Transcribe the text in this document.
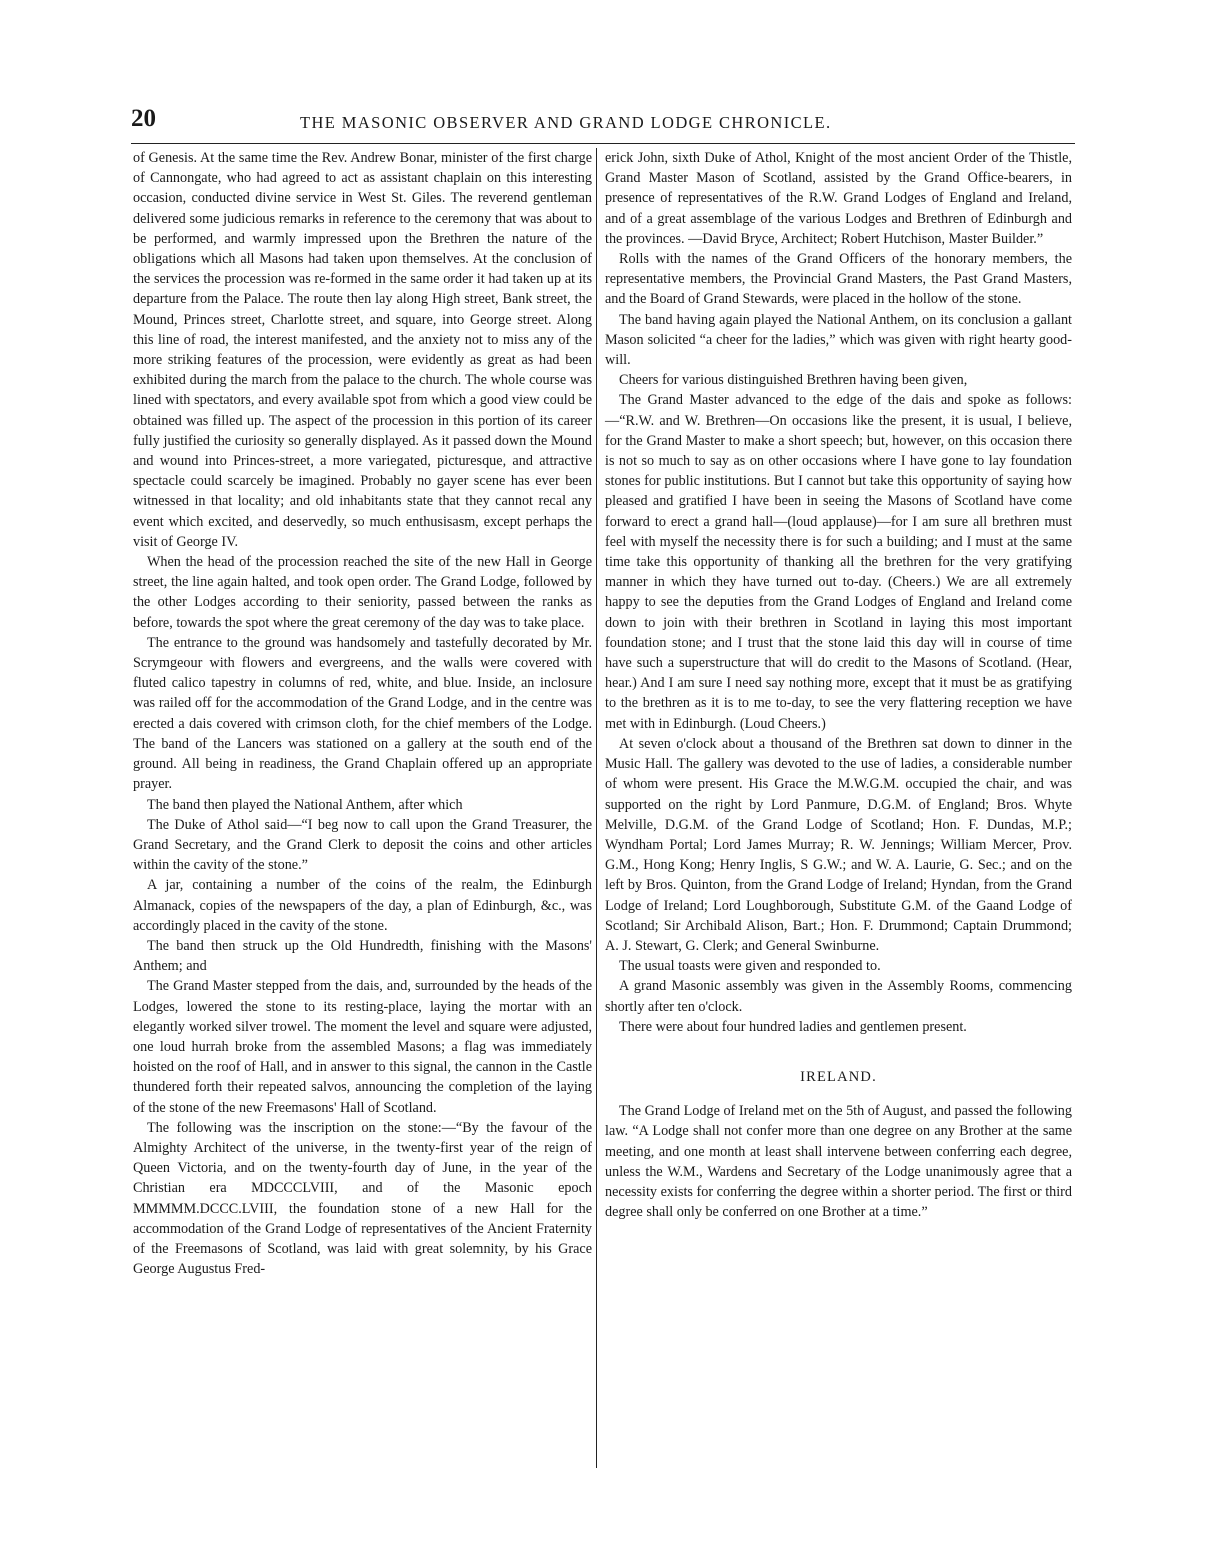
20	THE MASONIC OBSERVER AND GRAND LODGE CHRONICLE.

of Genesis. At the same time the Rev. Andrew Bonar, minister of the first charge of Cannongate, who had agreed to act as assistant chaplain on this interesting occasion, conducted divine service in West St. Giles. The reverend gentleman delivered some judicious remarks in reference to the ceremony that was about to be performed, and warmly impressed upon the Brethren the nature of the obligations which all Masons had taken upon themselves. At the conclusion of the services the procession was re-formed in the same order it had taken up at its departure from the Palace. The route then lay along High street, Bank street, the Mound, Princes street, Charlotte street, and square, into George street. Along this line of road, the interest manifested, and the anxiety not to miss any of the more striking features of the procession, were evidently as great as had been exhibited during the march from the palace to the church. The whole course was lined with spectators, and every available spot from which a good view could be obtained was filled up. The aspect of the procession in this portion of its career fully justified the curiosity so generally displayed. As it passed down the Mound and wound into Princes-street, a more variegated, picturesque, and attractive spectacle could scarcely be imagined. Probably no gayer scene has ever been witnessed in that locality; and old inhabitants state that they cannot recal any event which excited, and deservedly, so much enthusisasm, except perhaps the visit of George IV.

When the head of the procession reached the site of the new Hall in George street, the line again halted, and took open order. The Grand Lodge, followed by the other Lodges according to their seniority, passed between the ranks as before, towards the spot where the great ceremony of the day was to take place.

The entrance to the ground was handsomely and tastefully decorated by Mr. Scrymgeour with flowers and evergreens, and the walls were covered with fluted calico tapestry in columns of red, white, and blue. Inside, an inclosure was railed off for the accommodation of the Grand Lodge, and in the centre was erected a dais covered with crimson cloth, for the chief members of the Lodge. The band of the Lancers was stationed on a gallery at the south end of the ground. All being in readiness, the Grand Chaplain offered up an appropriate prayer.

The band then played the National Anthem, after which

The Duke of Athol said—“I beg now to call upon the Grand Treasurer, the Grand Secretary, and the Grand Clerk to deposit the coins and other articles within the cavity of the stone.”

A jar, containing a number of the coins of the realm, the Edinburgh Almanack, copies of the newspapers of the day, a plan of Edinburgh, &c., was accordingly placed in the cavity of the stone.

The band then struck up the Old Hundredth, finishing with the Masons' Anthem; and

The Grand Master stepped from the dais, and, surrounded by the heads of the Lodges, lowered the stone to its resting-place, laying the mortar with an elegantly worked silver trowel. The moment the level and square were adjusted, one loud hurrah broke from the assembled Masons; a flag was immediately hoisted on the roof of Hall, and in answer to this signal, the cannon in the Castle thundered forth their repeated salvos, announcing the completion of the laying of the stone of the new Freemasons' Hall of Scotland.

The following was the inscription on the stone:—“By the favour of the Almighty Architect of the universe, in the twenty-first year of the reign of Queen Victoria, and on the twenty-fourth day of June, in the year of the Christian era MDCCCLVIII, and of the Masonic epoch MMMMM.DCCC.LVIII, the foundation stone of a new Hall for the accommodation of the Grand Lodge of representatives of the Ancient Fraternity of the Freemasons of Scotland, was laid with great solemnity, by his Grace George Augustus Fred-

erick John, sixth Duke of Athol, Knight of the most ancient Order of the Thistle, Grand Master Mason of Scotland, assisted by the Grand Office-bearers, in presence of representatives of the R.W. Grand Lodges of England and Ireland, and of a great assemblage of the various Lodges and Brethren of Edinburgh and the provinces. —David Bryce, Architect; Robert Hutchison, Master Builder.”

Rolls with the names of the Grand Officers of the honorary members, the representative members, the Provincial Grand Masters, the Past Grand Masters, and the Board of Grand Stewards, were placed in the hollow of the stone.

The band having again played the National Anthem, on its conclusion a gallant Mason solicited “a cheer for the ladies,” which was given with right hearty good-will.

Cheers for various distinguished Brethren having been given,

The Grand Master advanced to the edge of the dais and spoke as follows:—“R.W. and W. Brethren—On occasions like the present, it is usual, I believe, for the Grand Master to make a short speech; but, however, on this occasion there is not so much to say as on other occasions where I have gone to lay foundation stones for public institutions. But I cannot but take this opportunity of saying how pleased and gratified I have been in seeing the Masons of Scotland have come forward to erect a grand hall—(loud applause)—for I am sure all brethren must feel with myself the necessity there is for such a building; and I must at the same time take this opportunity of thanking all the brethren for the very gratifying manner in which they have turned out to-day. (Cheers.) We are all extremely happy to see the deputies from the Grand Lodges of England and Ireland come down to join with their brethren in Scotland in laying this most important foundation stone; and I trust that the stone laid this day will in course of time have such a superstructure that will do credit to the Masons of Scotland. (Hear, hear.) And I am sure I need say nothing more, except that it must be as gratifying to the brethren as it is to me to-day, to see the very flattering reception we have met with in Edinburgh. (Loud Cheers.)

At seven o'clock about a thousand of the Brethren sat down to dinner in the Music Hall. The gallery was devoted to the use of ladies, a considerable number of whom were present. His Grace the M.W.G.M. occupied the chair, and was supported on the right by Lord Panmure, D.G.M. of England; Bros. Whyte Melville, D.G.M. of the Grand Lodge of Scotland; Hon. F. Dundas, M.P.; Wyndham Portal; Lord James Murray; R. W. Jennings; William Mercer, Prov. G.M., Hong Kong; Henry Inglis, S G.W.; and W. A. Laurie, G. Sec.; and on the left by Bros. Quinton, from the Grand Lodge of Ireland; Hyndan, from the Grand Lodge of Ireland; Lord Loughborough, Substitute G.M. of the Gaand Lodge of Scotland; Sir Archibald Alison, Bart.; Hon. F. Drummond; Captain Drummond; A. J. Stewart, G. Clerk; and General Swinburne.

The usual toasts were given and responded to.

A grand Masonic assembly was given in the Assembly Rooms, commencing shortly after ten o'clock.

There were about four hundred ladies and gentlemen present.

IRELAND.

The Grand Lodge of Ireland met on the 5th of August, and passed the following law. “A Lodge shall not confer more than one degree on any Brother at the same meeting, and one month at least shall intervene between conferring each degree, unless the W.M., Wardens and Secretary of the Lodge unanimously agree that a necessity exists for conferring the degree within a shorter period. The first or third degree shall only be conferred on one Brother at a time.”
